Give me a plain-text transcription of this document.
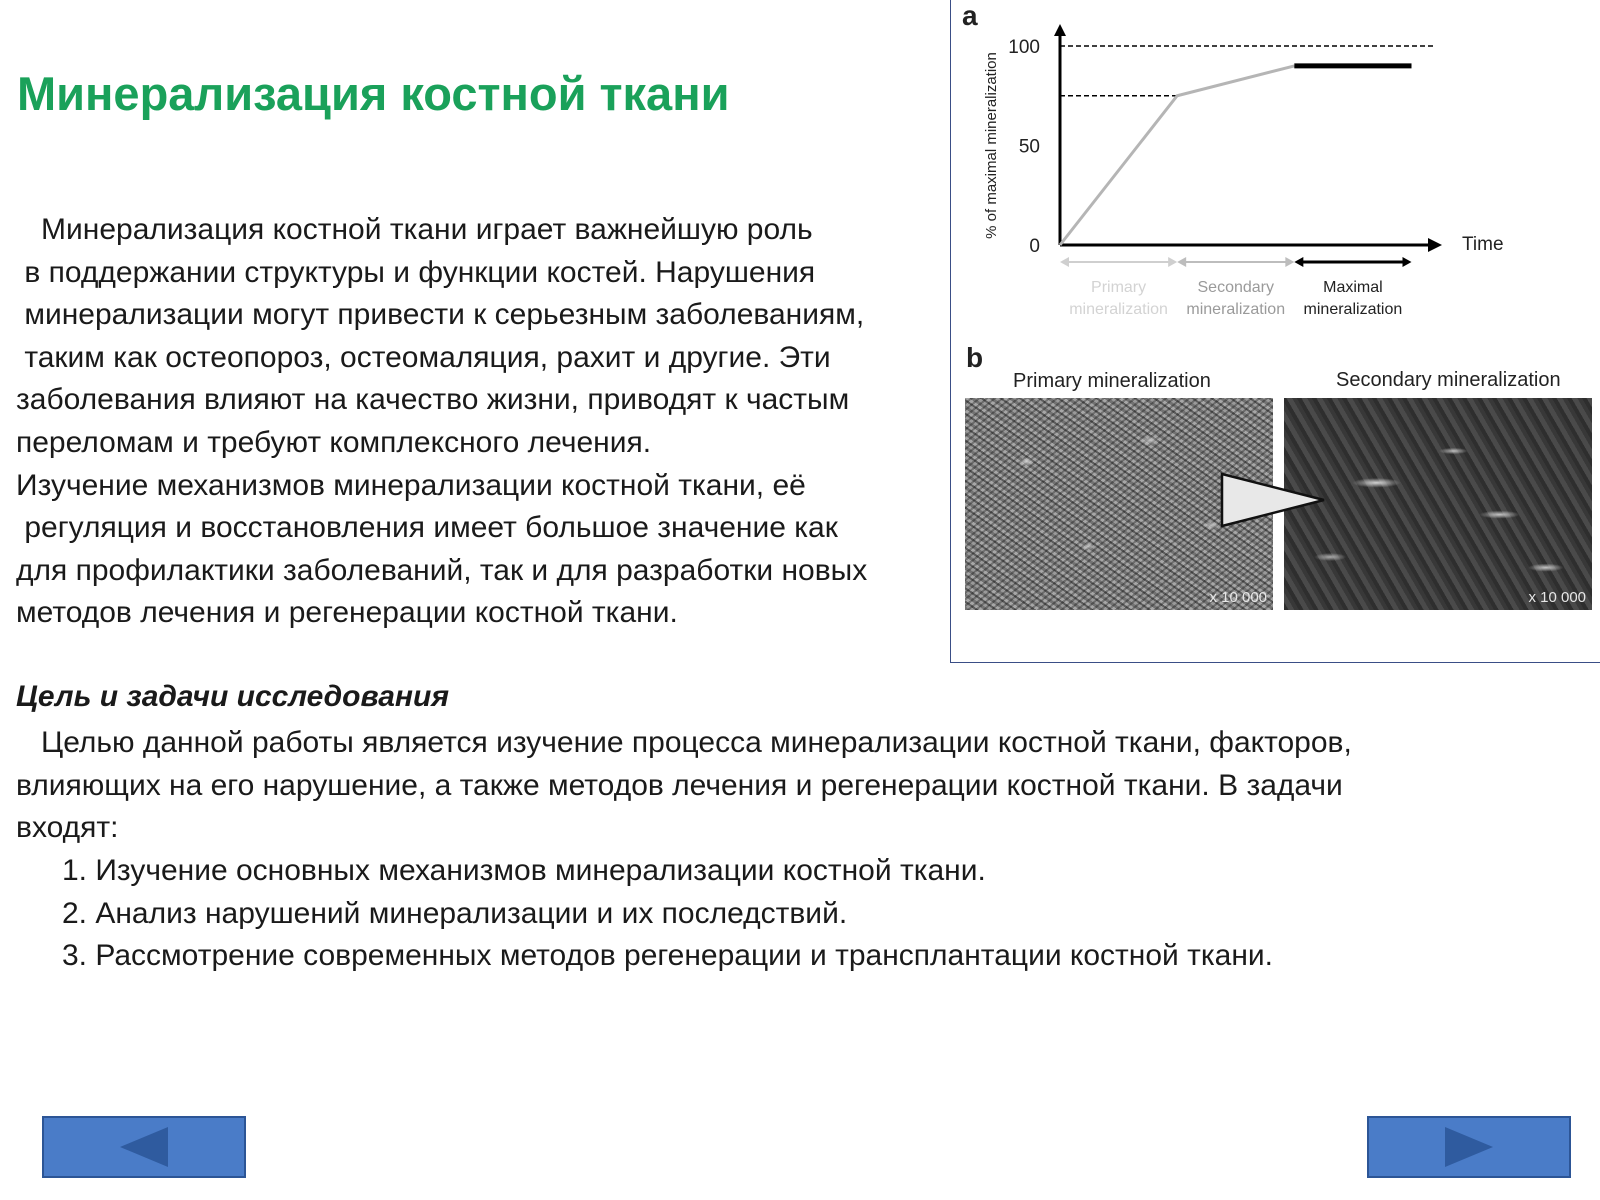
Минерализация костной ткани
Минерализация костной ткани играет важнейшую роль
в поддержании структуры и функции костей. Нарушения
минерализации могут привести к серьезным заболеваниям,
таким как остеопороз, остеомаляция, рахит и другие. Эти
заболевания влияют на качество жизни, приводят к частым
переломам и требуют комплексного лечения.
Изучение механизмов минерализации костной ткани, её
регуляция и восстановления имеет большое значение как
для профилактики заболеваний, так и для разработки новых
методов лечения и регенерации костной ткани.
Цель и задачи исследования
Целью данной работы является изучение процесса минерализации костной ткани, факторов,
влияющих на его нарушение, а также методов лечения и регенерации костной ткани. В задачи
входят:
1. Изучение основных механизмов минерализации костной ткани.
2. Анализ нарушений минерализации и их последствий.
3. Рассмотрение современных методов регенерации и трансплантации костной ткани.
a
0
50
100
% of maximal mineralization
Time
Primary mineralization
Secondary mineralization
Maximal mineralization
b
Primary mineralization	Secondary mineralization
x 10 000	x 10 000
